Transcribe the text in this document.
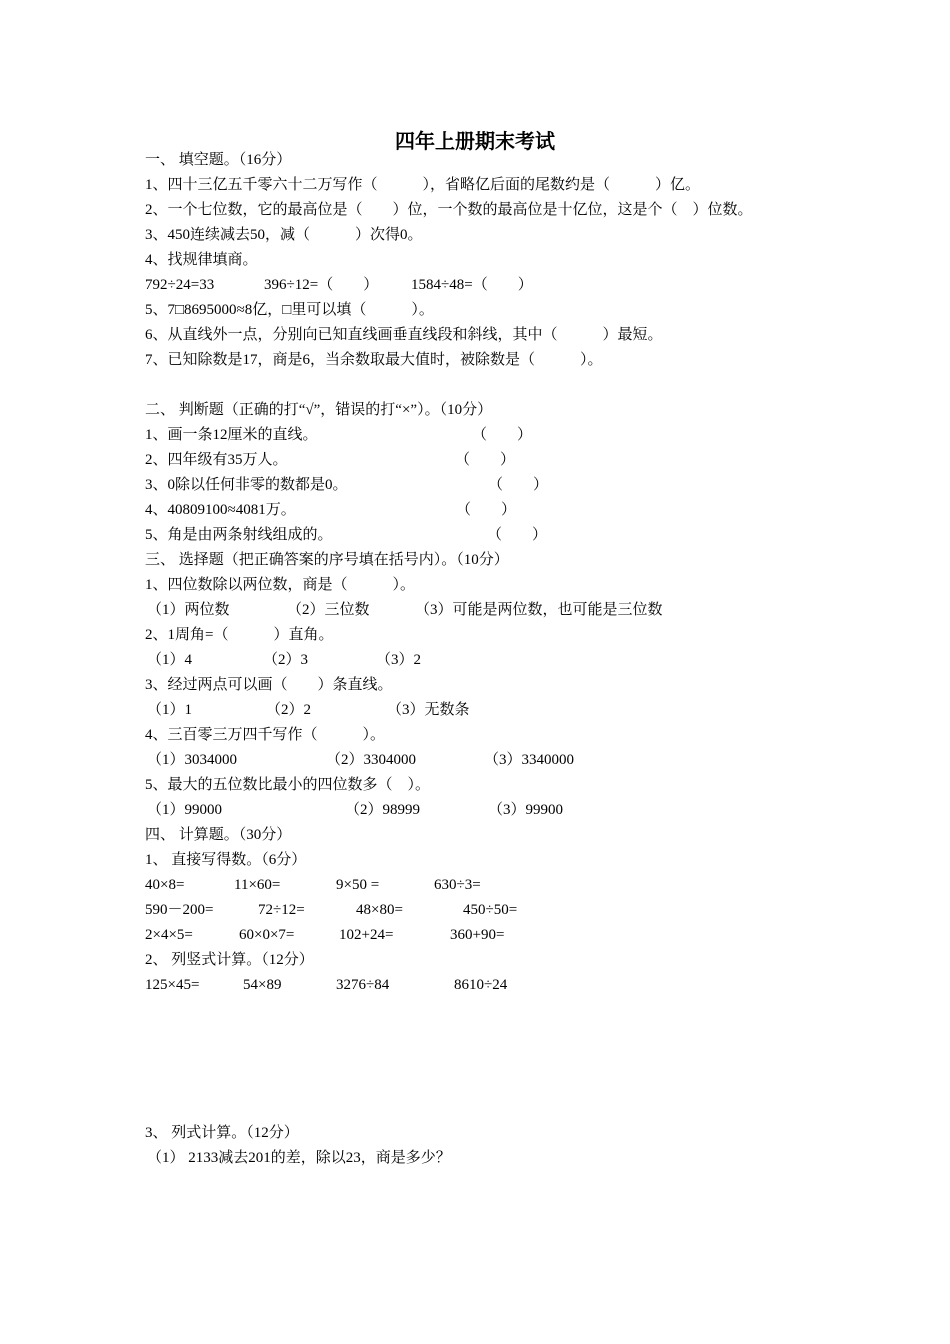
四年上册期末考试
一、 填空题。（16分）
1、四十三亿五千零六十二万写作（　　　），省略亿后面的尾数约是（　　　）亿。
2、一个七位数，它的最高位是（　　）位，一个数的最高位是十亿位，这是个（　）位数。
3、450连续减去50，减（　　　）次得0。
4、找规律填商。
792÷24=33	396÷12=（　　） 1584÷48=（　　）
5、7□8695000≈8亿，□里可以填（　　　）。
6、从直线外一点，分别向已知直线画垂直线段和斜线，其中（　　　）最短。
7、已知除数是17，商是6，当余数取最大值时，被除数是（　　　）。
二、 判断题（正确的打“√”，错误的打“×”）。（10分）
1、画一条12厘米的直线。	（　　）
2、四年级有35万人。	（　　）
3、0除以任何非零的数都是0。	（　　）
4、40809100≈4081万。	（　　）
5、角是由两条射线组成的。	（　　）
三、 选择题（把正确答案的序号填在括号内）。（10分）
1、四位数除以两位数，商是（　　　）。
（1）两位数	（2）三位数	（3）可能是两位数，也可能是三位数
2、1周角=（　　　）直角。
（1）4	（2）3	（3）2
3、经过两点可以画（　　）条直线。
（1）1	（2）2	（3）无数条
4、三百零三万四千写作（　　　）。
（1）3034000	（2）3304000	（3）3340000
5、最大的五位数比最小的四位数多（　）。
（1）99000	（2）98999	（3）99900
四、 计算题。（30分）
1、 直接写得数。（6分）
40×8=	11×60=	9×50 =	630÷3=
590－200=	72÷12=	48×80=	450÷50=
2×4×5=	60×0×7=	102+24=	360+90=
2、 列竖式计算。（12分）
125×45=	54×89	3276÷84	8610÷24
3、 列式计算。（12分）
（1） 2133减去201的差，除以23，商是多少？
